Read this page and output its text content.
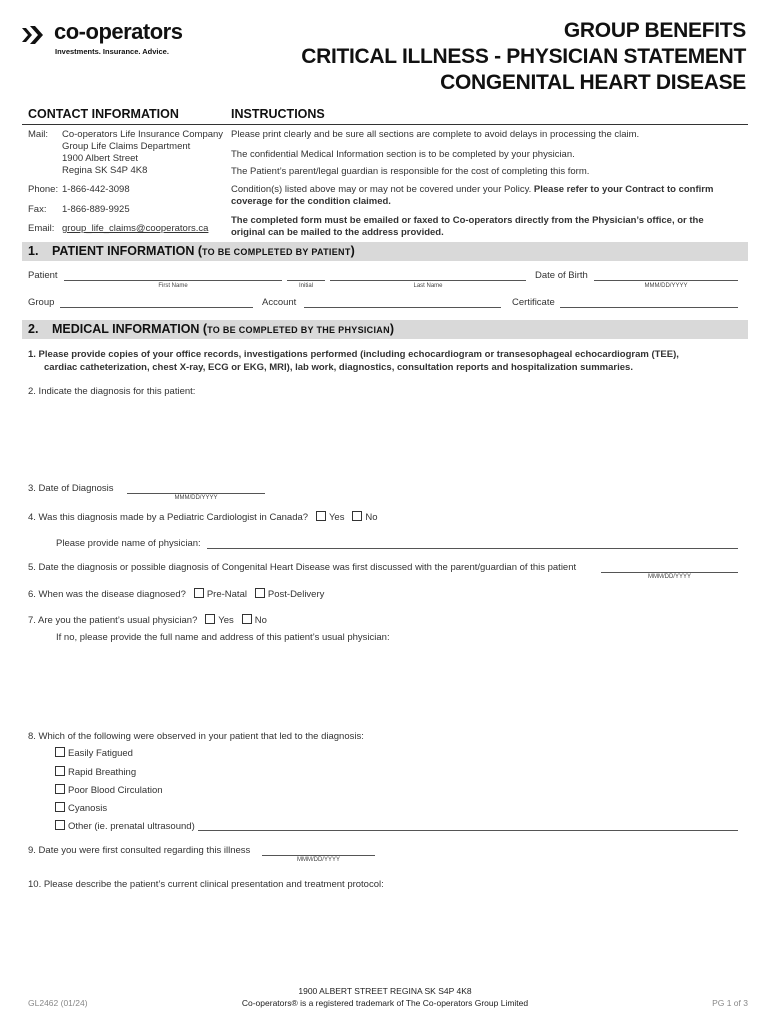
co-operators
Investments. Insurance. Advice.
GROUP BENEFITS
CRITICAL ILLNESS - PHYSICIAN STATEMENT
CONGENITAL HEART DISEASE
CONTACT INFORMATION	INSTRUCTIONS
Mail: Co-operators Life Insurance Company
Group Life Claims Department
1900 Albert Street
Regina SK S4P 4K8
Phone: 1-866-442-3098
Fax: 1-866-889-9925
Email: group_life_claims@cooperators.ca
Please print clearly and be sure all sections are complete to avoid delays in processing the claim.
The confidential Medical Information section is to be completed by your physician.
The Patient’s parent/legal guardian is responsible for the cost of completing this form.
Condition(s) listed above may or may not be covered under your Policy. Please refer to your Contract to confirm
coverage for the condition claimed.
The completed form must be emailed or faxed to Co-operators directly from the Physician’s office, or the
original can be mailed to the address provided.
1. PATIENT INFORMATION (TO BE COMPLETED BY PATIENT)
Patient
First Name	Initial	Last Name
Date of Birth
MMM/DD/YYYY
Group	Account	Certificate
2. MEDICAL INFORMATION (TO BE COMPLETED BY THE PHYSICIAN)
1. Please provide copies of your office records, investigations performed (including echocardiogram or transesophageal echocardiogram (TEE),
cardiac catheterization, chest X-ray, ECG or EKG, MRI), lab work, diagnostics, consultation reports and hospitalization summaries.
2. Indicate the diagnosis for this patient:
3. Date of Diagnosis
MMM/DD/YYYY
4. Was this diagnosis made by a Pediatric Cardiologist in Canada? Yes No
Please provide name of physician:
5. Date the diagnosis or possible diagnosis of Congenital Heart Disease was first discussed with the parent/guardian of this patient
MMM/DD/YYYY
6. When was the disease diagnosed? Pre-Natal Post-Delivery
7. Are you the patient’s usual physician? Yes No
If no, please provide the full name and address of this patient’s usual physician:
8. Which of the following were observed in your patient that led to the diagnosis:
Easily Fatigued
Rapid Breathing
Poor Blood Circulation
Cyanosis
Other (ie. prenatal ultrasound)
9. Date you were first consulted regarding this illness
MMM/DD/YYYY
10. Please describe the patient’s current clinical presentation and treatment protocol:
GL2462 (01/24)
1900 ALBERT STREET REGINA SK S4P 4K8
Co-operators® is a registered trademark of The Co-operators Group Limited	PG 1 of 3
